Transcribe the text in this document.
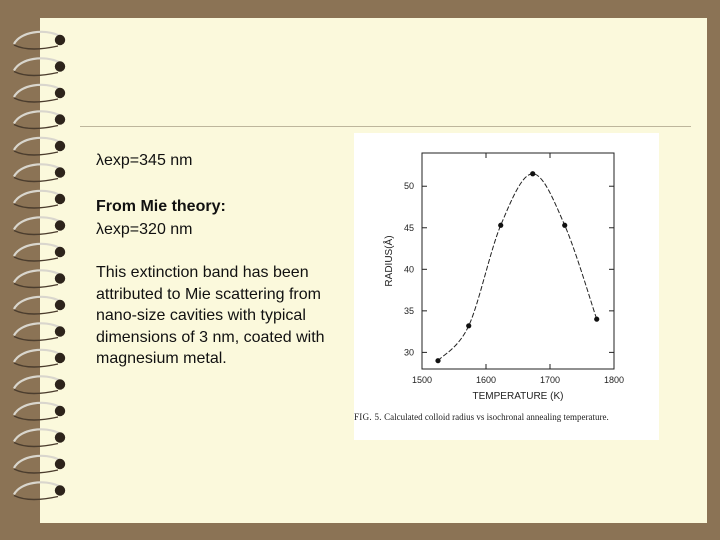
λexp=345 nm
From Mie theory:
λexp=320 nm
This extinction band has been attributed to Mie scattering from nano-size cavities with typical dimensions of 3 nm, coated with magnesium metal.
1500	1600	1700	1800
30
35
40
45
50
TEMPERATURE (K)
RADIUS(Å)
FIG. 5. Calculated colloid radius vs isochronal annealing temperature.
